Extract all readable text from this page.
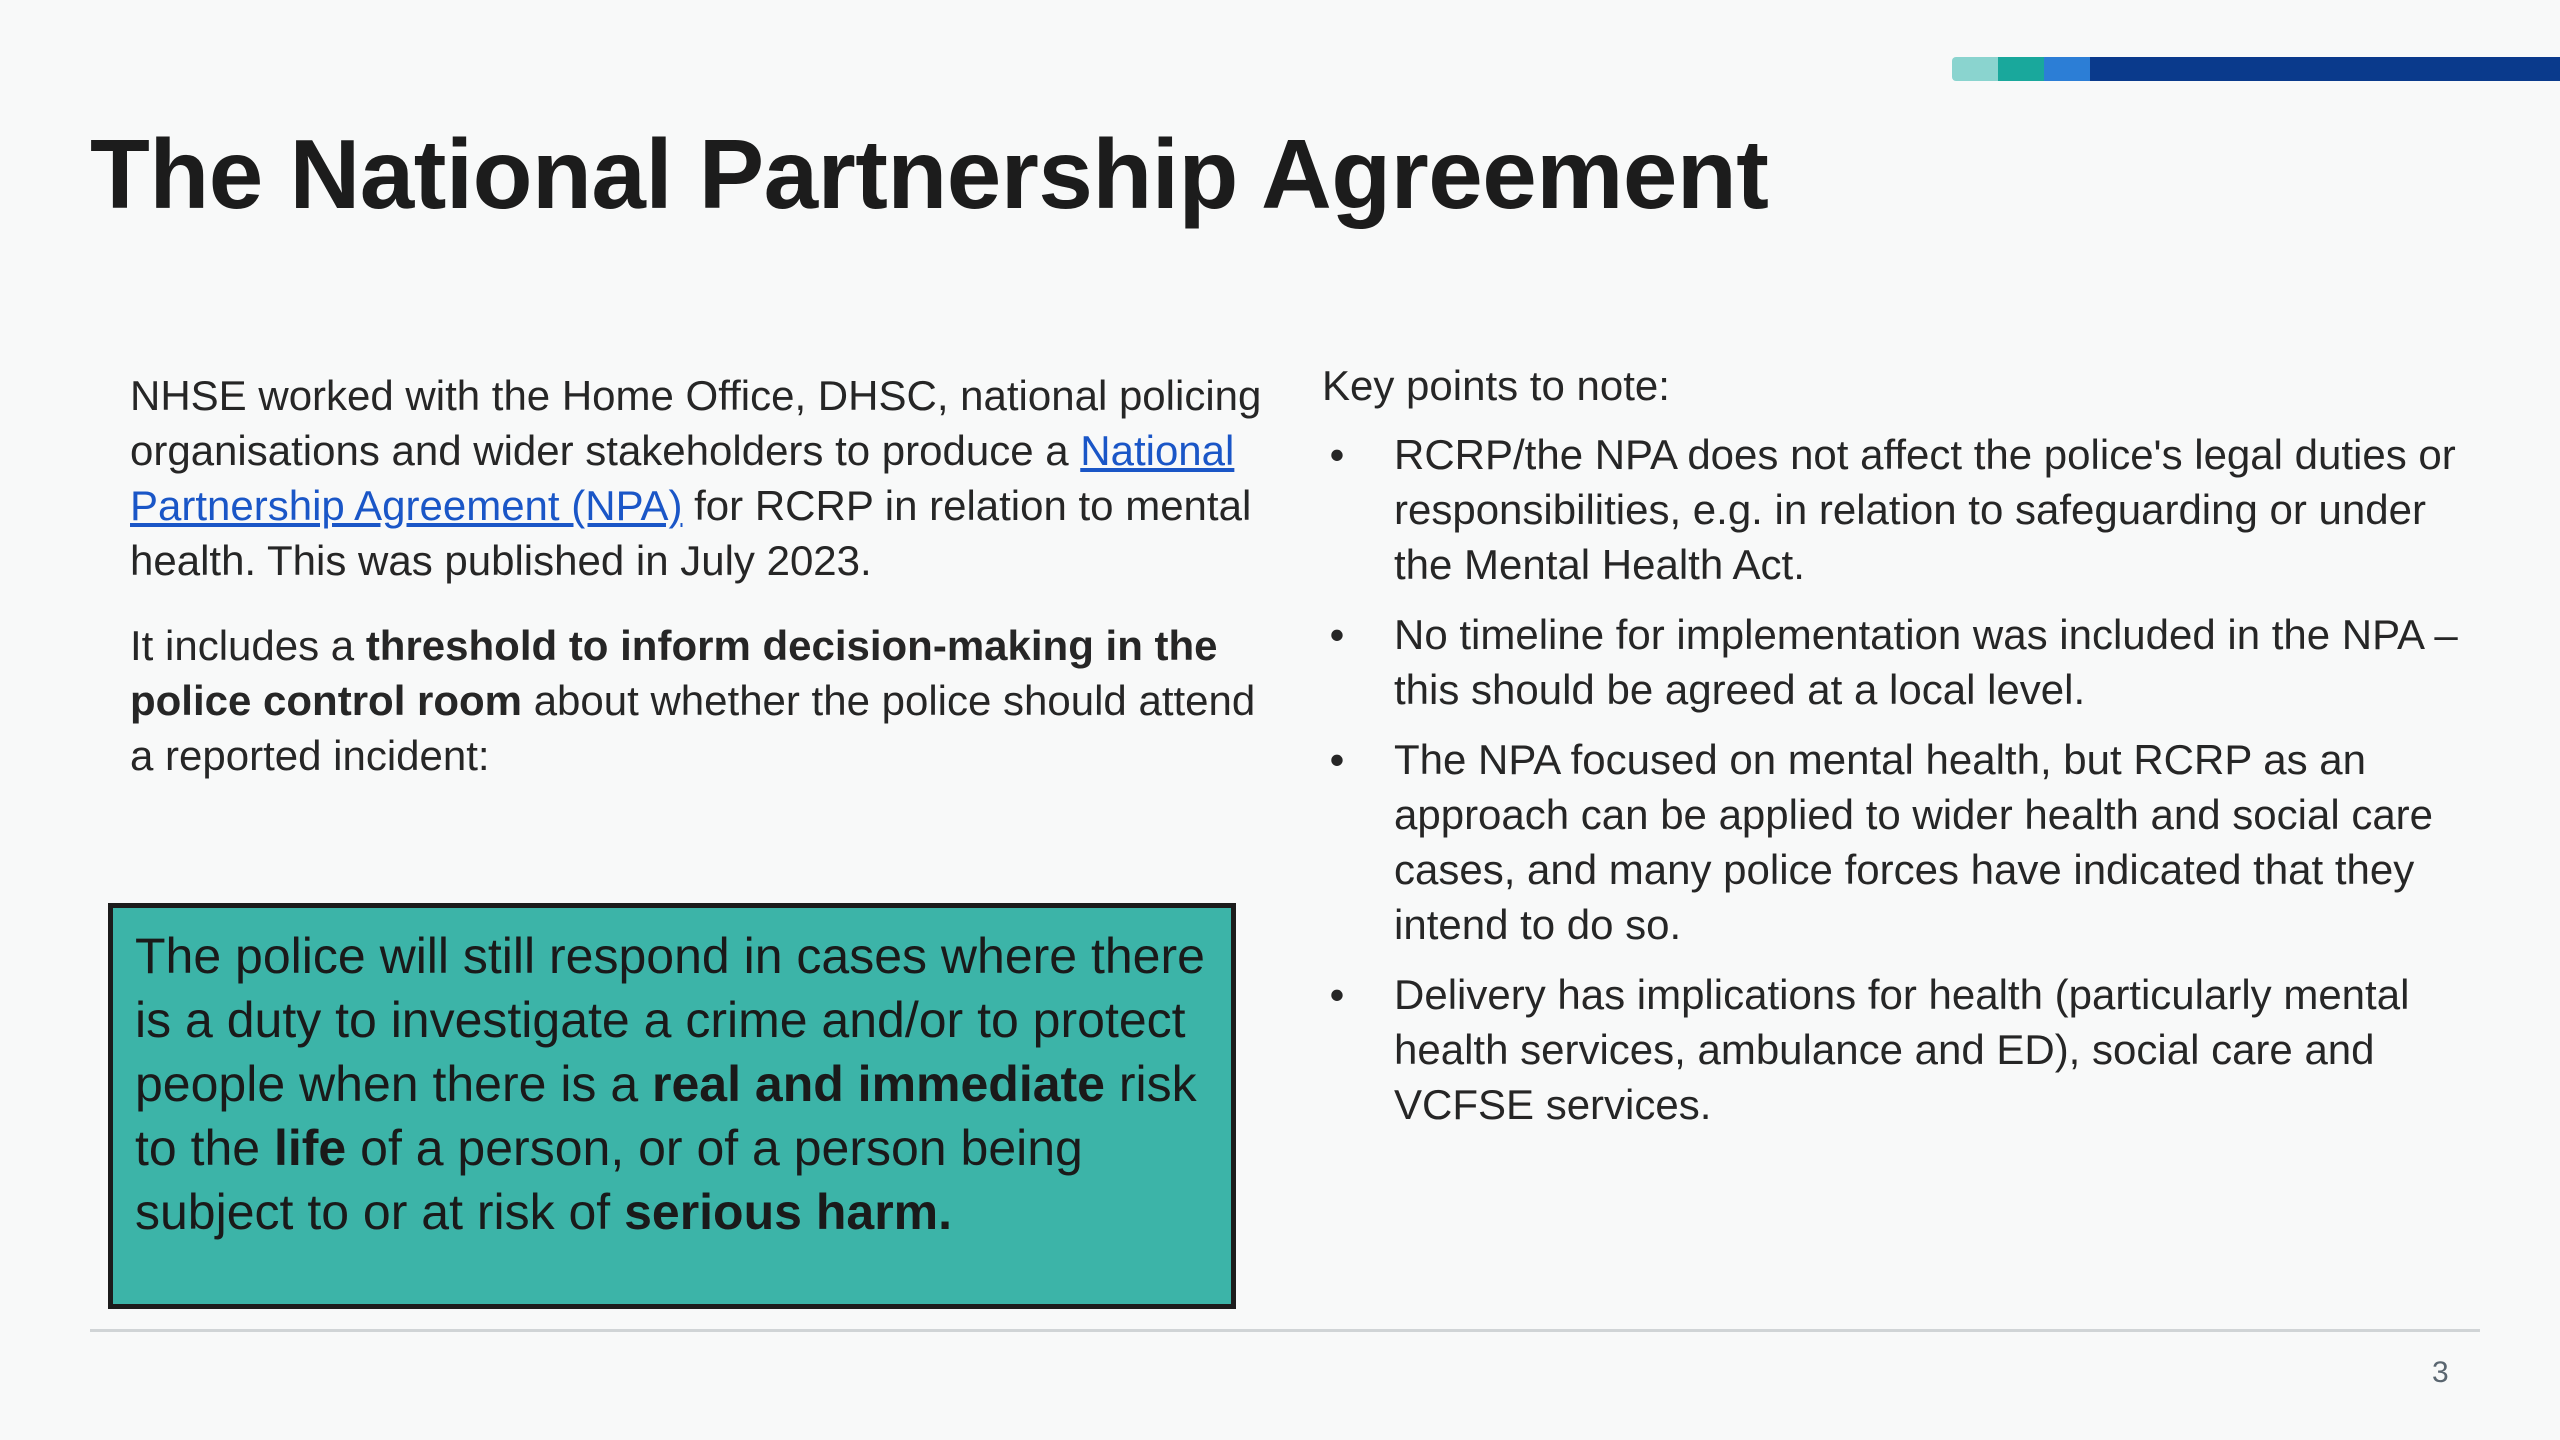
The National Partnership Agreement

NHSE worked with the Home Office, DHSC, national policing organisations and wider stakeholders to produce a National Partnership Agreement (NPA) for RCRP in relation to mental health. This was published in July 2023.

It includes a threshold to inform decision-making in the police control room about whether the police should attend a reported incident:

The police will still respond in cases where there is a duty to investigate a crime and/or to protect people when there is a real and immediate risk to the life of a person, or of a person being subject to or at risk of serious harm.

Key points to note:

• RCRP/the NPA does not affect the police's legal duties or responsibilities, e.g. in relation to safeguarding or under the Mental Health Act.
• No timeline for implementation was included in the NPA – this should be agreed at a local level.
• The NPA focused on mental health, but RCRP as an approach can be applied to wider health and social care cases, and many police forces have indicated that they intend to do so.
• Delivery has implications for health (particularly mental health services, ambulance and ED), social care and VCFSE services.
3
